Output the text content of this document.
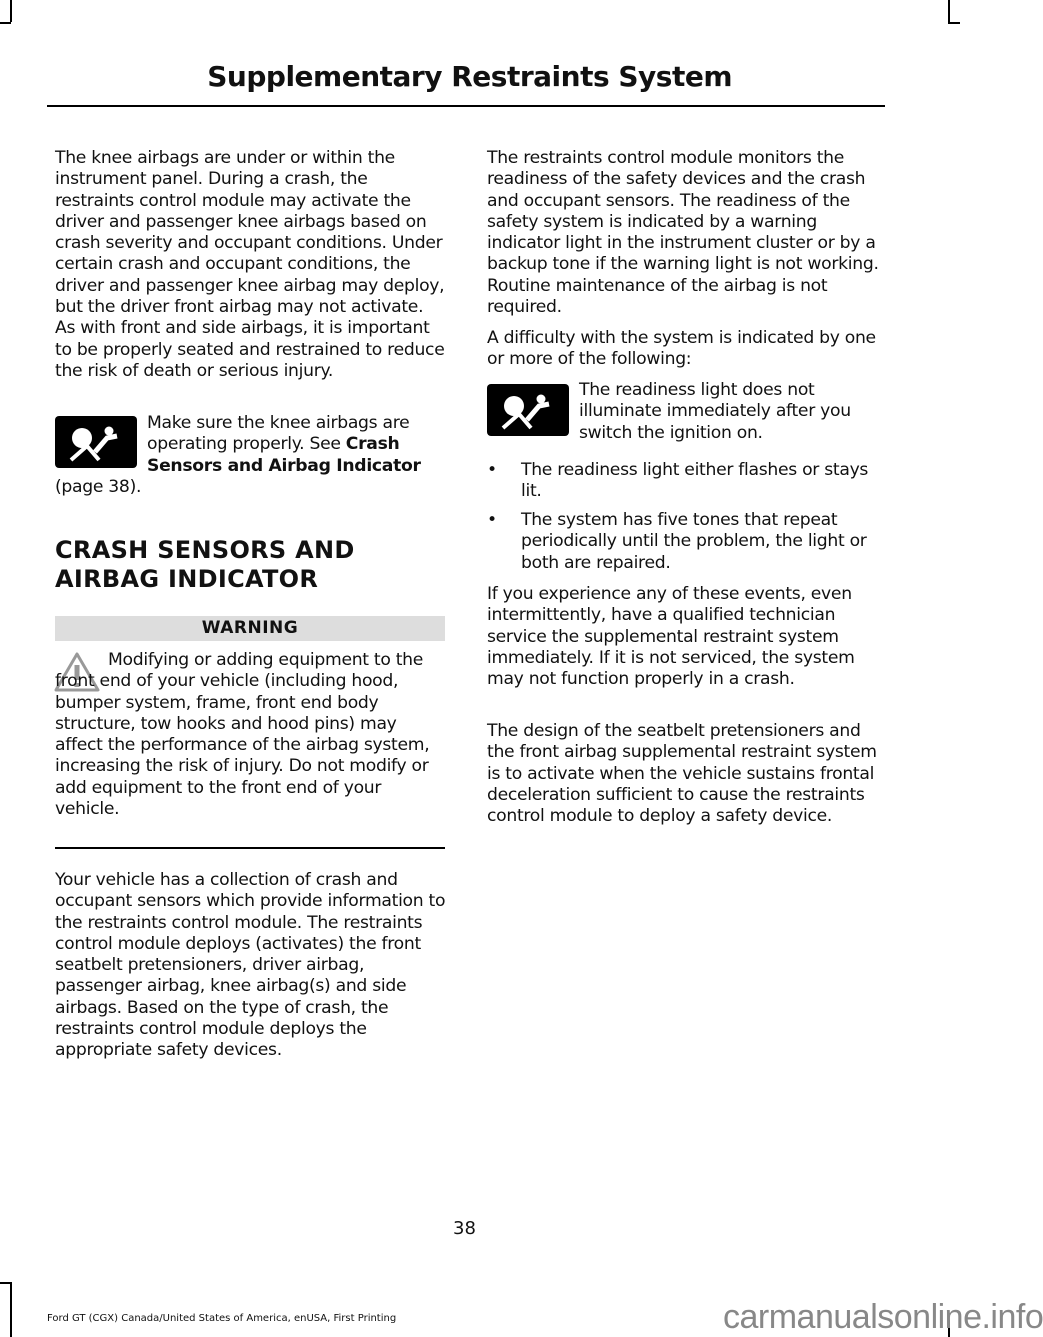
Supplementary Restraints System

The knee airbags are under or within the instrument panel. During a crash, the restraints control module may activate the driver and passenger knee airbags based on crash severity and occupant conditions. Under certain crash and occupant conditions, the driver and passenger knee airbag may deploy, but the driver front airbag may not activate. As with front and side airbags, it is important to be properly seated and restrained to reduce the risk of death or serious injury.

Make sure the knee airbags are operating properly. See Crash Sensors and Airbag Indicator

(page 38).

CRASH SENSORS AND
AIRBAG INDICATOR
WARNING

Modifying or adding equipment to the front end of your vehicle (including hood, bumper system, frame, front end body structure, tow hooks and hood pins) may affect the performance of the airbag system, increasing the risk of injury. Do not modify or add equipment to the front end of your vehicle.

Your vehicle has a collection of crash and occupant sensors which provide information to the restraints control module. The restraints control module deploys (activates) the front seatbelt pretensioners, driver airbag, passenger airbag, knee airbag(s) and side airbags. Based on the type of crash, the restraints control module deploys the appropriate safety devices.

The restraints control module monitors the readiness of the safety devices and the crash and occupant sensors. The readiness of the safety system is indicated by a warning indicator light in the instrument cluster or by a backup tone if the warning light is not working. Routine maintenance of the airbag is not required.

A difficulty with the system is indicated by one or more of the following:

The readiness light does not illuminate immediately after you switch the ignition on.

• The readiness light either flashes or stays lit.
• The system has five tones that repeat periodically until the problem, the light or both are repaired.

If you experience any of these events, even intermittently, have a qualified technician service the supplemental restraint system immediately. If it is not serviced, the system may not function properly in a crash.

The design of the seatbelt pretensioners and the front airbag supplemental restraint system is to activate when the vehicle sustains frontal deceleration sufficient to cause the restraints control module to deploy a safety device.

38
Ford GT (CGX) Canada/United States of America, enUSA, First Printing	carmanualsonline.info
